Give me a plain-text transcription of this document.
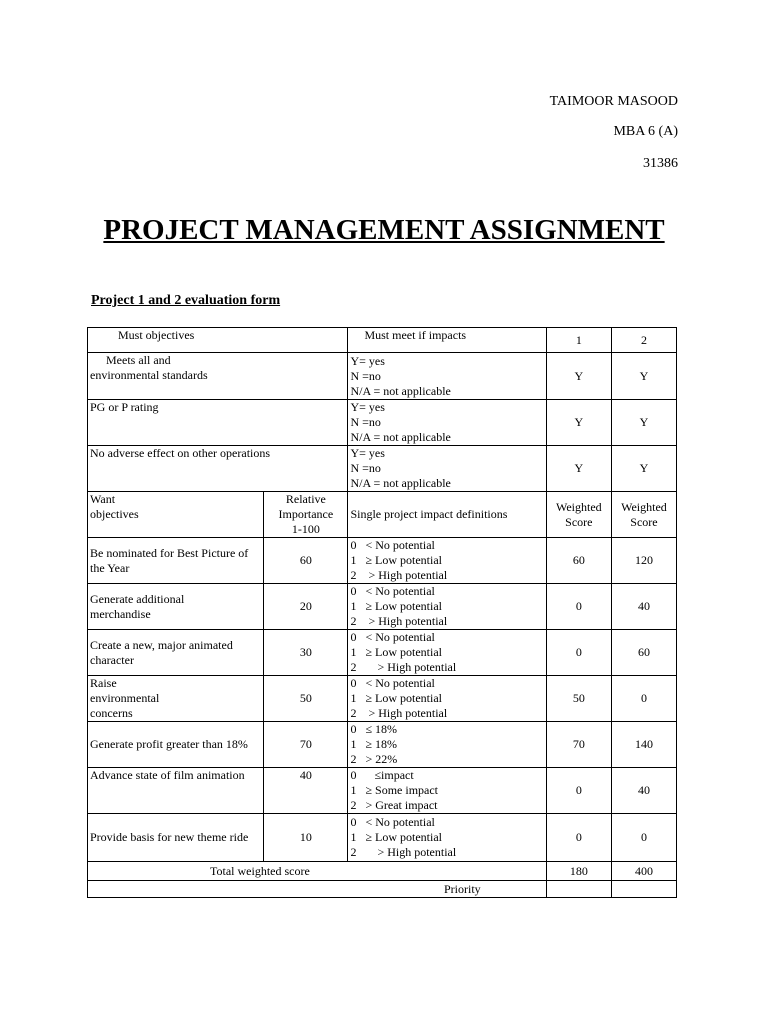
TAIMOOR MASOOD
MBA 6 (A)
31386
PROJECT MANAGEMENT ASSIGNMENT
Project 1 and 2 evaluation form
Must objectives		Must meet if impacts	1	2

Meets all and
environmental standards		Y= yes
N =no
N/A = not applicable	Y	Y

PG or P rating		Y= yes
N =no
N/A = not applicable	Y	Y

No adverse effect on other operations		Y= yes
N =no
N/A = not applicable	Y	Y

Want
objectives	Relative
Importance
1-100	Single project impact definitions	Weighted
Score	Weighted
Score

Be nominated for Best Picture of
the Year	60	0   < No potential
1   ≥ Low potential
2    > High potential	60	120

Generate additional
merchandise	20	0   < No potential
1   ≥ Low potential
2    > High potential	0	40

Create a new, major animated
character	30	0   < No potential
1   ≥ Low potential
2       > High potential	0	60

Raise
environmental
concerns	50	0   < No potential
1   ≥ Low potential
2    > High potential	50	0

Generate profit greater than 18%	70	0   ≤ 18%
1   ≥ 18%
2   > 22%	70	140

Advance state of film animation	40	0      ≤impact
1   ≥ Some impact
2   > Great impact	0	40

Provide basis for new theme ride	10	0   < No potential
1   ≥ Low potential
2       > High potential	0	0
Total weighted score			180	400
Priority				
